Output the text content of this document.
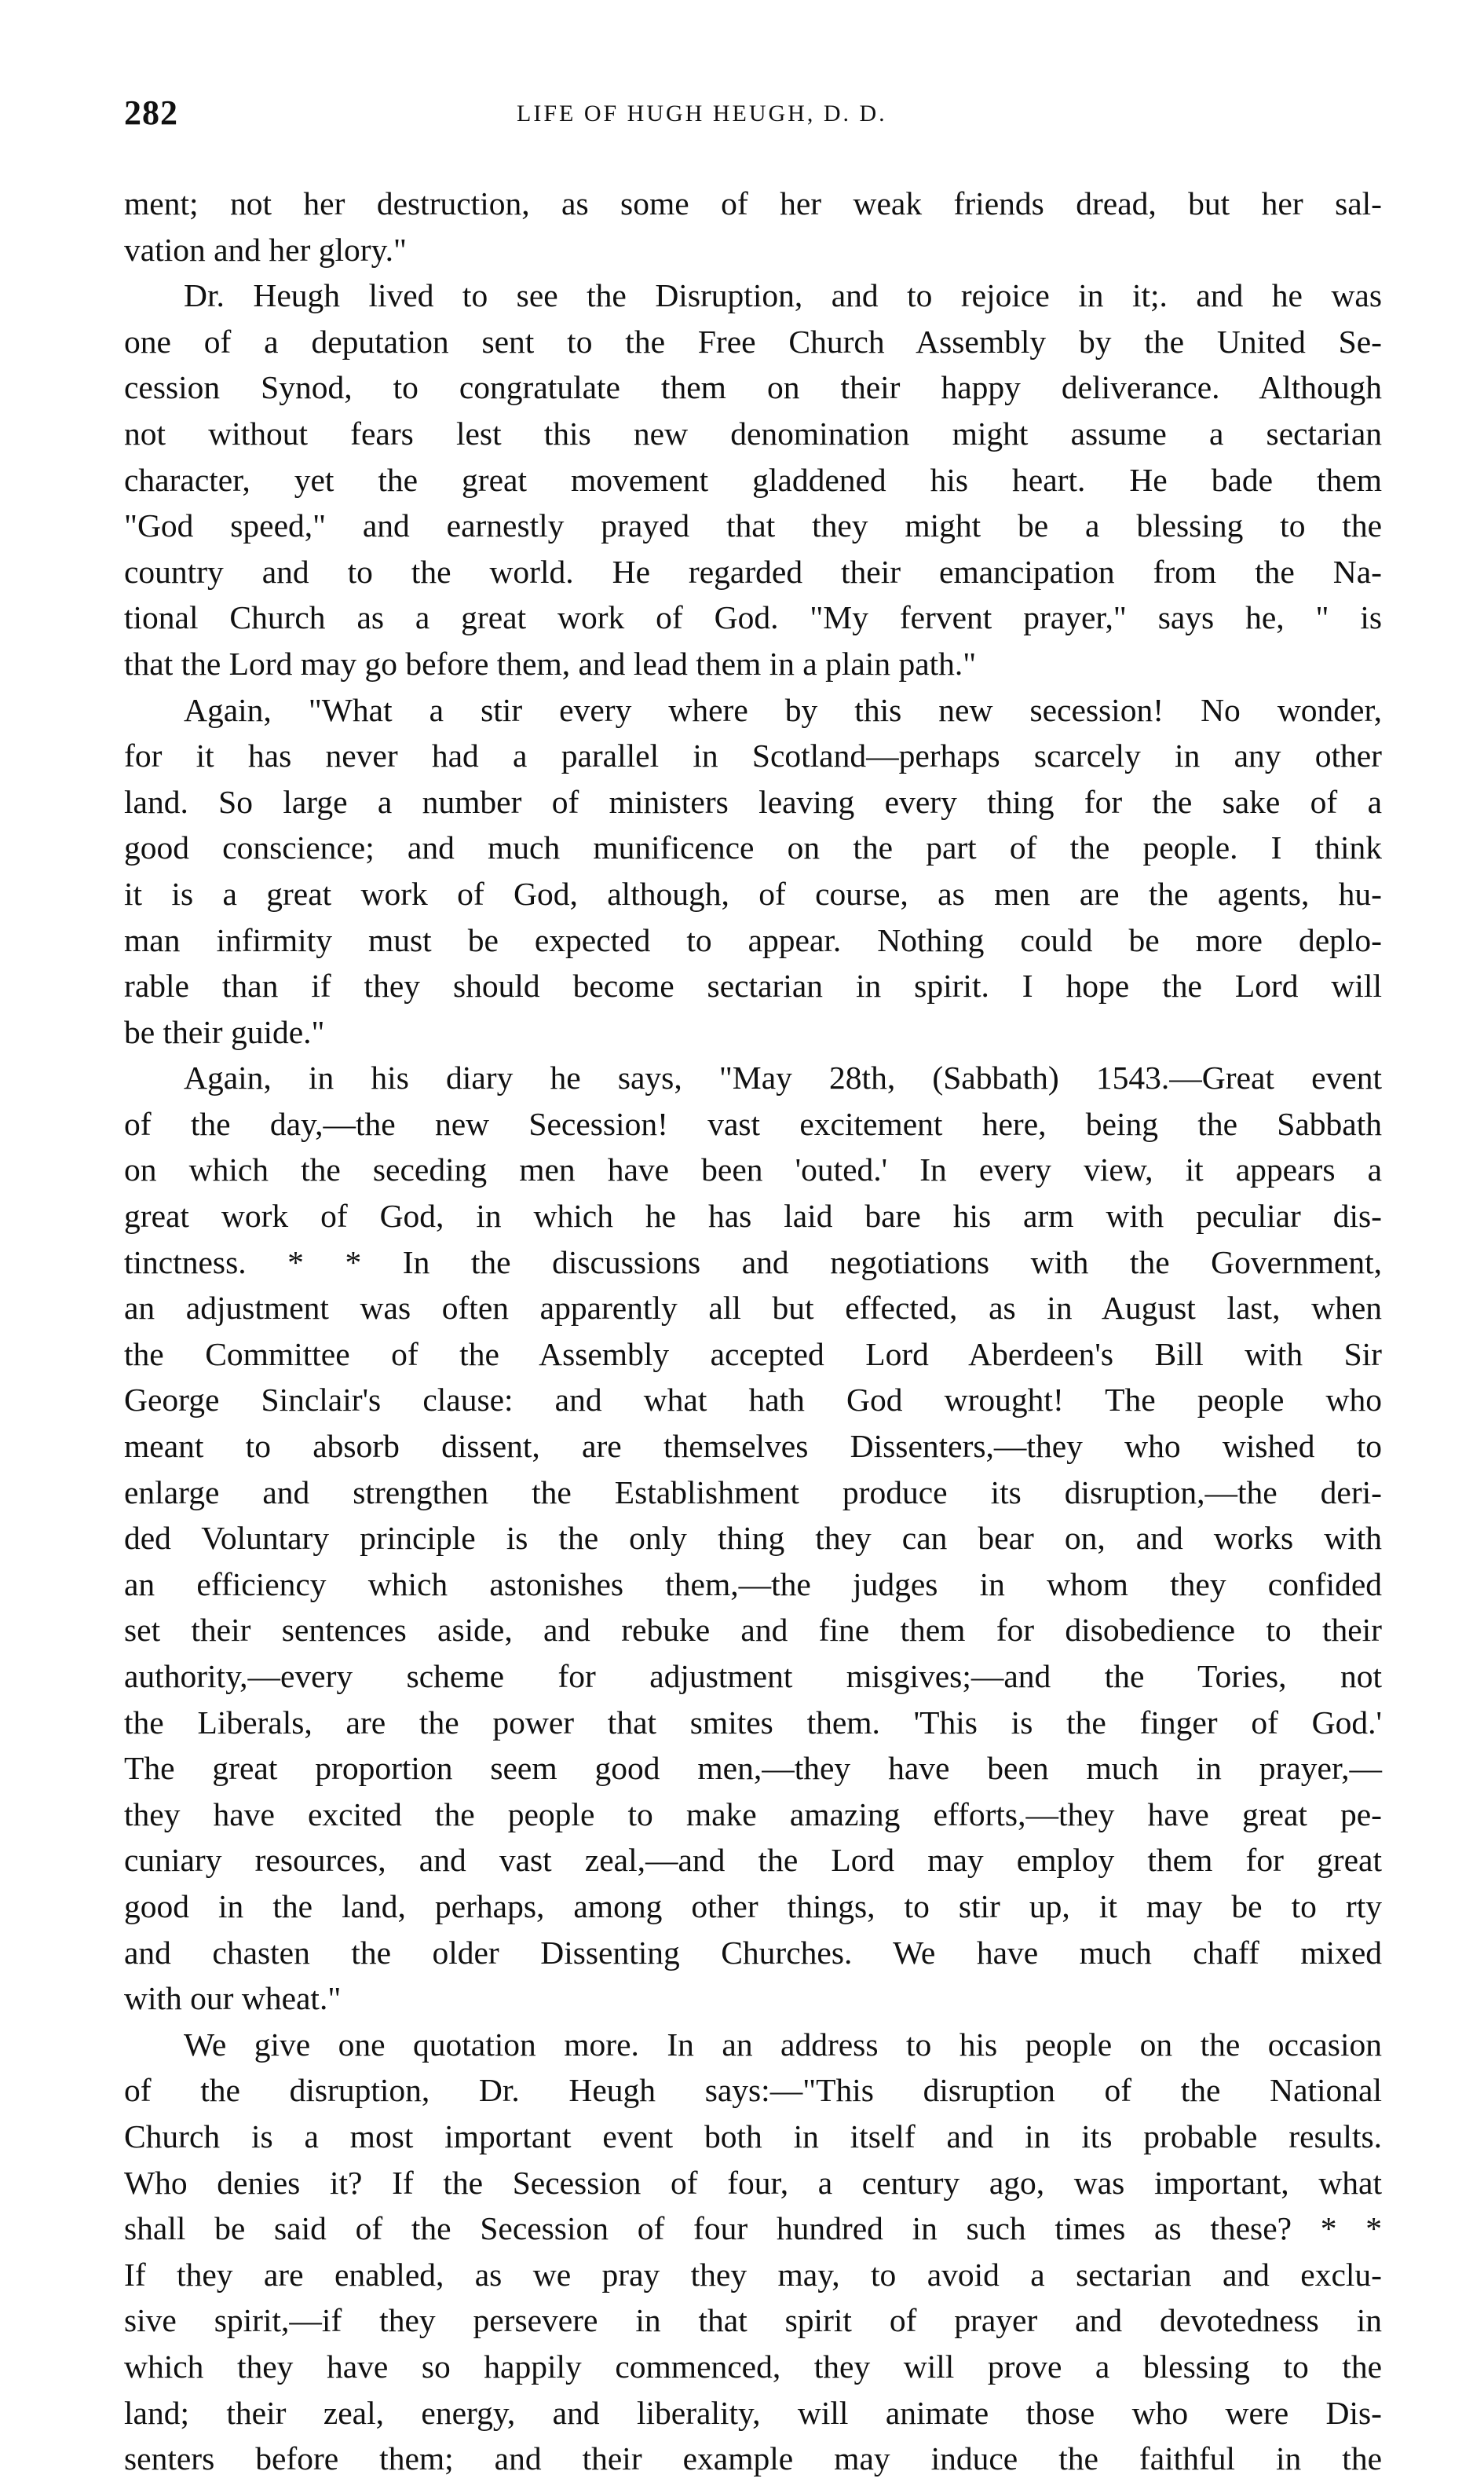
282	LIFE OF HUGH HEUGH, D. D.

ment; not her destruction, as some of her weak friends dread, but her sal-

vation and her glory."

Dr. Heugh lived to see the Disruption, and to rejoice in it;. and he was

one of a deputation sent to the Free Church Assembly by the United Se-

cession Synod, to congratulate them on their happy deliverance. Although

not without fears lest this new denomination might assume a sectarian

character, yet the great movement gladdened his heart. He bade them

"God speed," and earnestly prayed that they might be a blessing to the

country and to the world. He regarded their emancipation from the Na-

tional Church as a great work of God. "My fervent prayer," says he, " is

that the Lord may go before them, and lead them in a plain path."

Again, "What a stir every where by this new secession! No wonder,

for it has never had a parallel in Scotland—perhaps scarcely in any other

land. So large a number of ministers leaving every thing for the sake of a

good conscience; and much munificence on the part of the people. I think

it is a great work of God, although, of course, as men are the agents, hu-

man infirmity must be expected to appear. Nothing could be more deplo-

rable than if they should become sectarian in spirit. I hope the Lord will

be their guide."

Again, in his diary he says, "May 28th, (Sabbath) 1543.—Great event

of the day,—the new Secession! vast excitement here, being the Sabbath

on which the seceding men have been 'outed.' In every view, it appears a

great work of God, in which he has laid bare his arm with peculiar dis-

tinctness. * * In the discussions and negotiations with the Government,

an adjustment was often apparently all but effected, as in August last, when

the Committee of the Assembly accepted Lord Aberdeen's Bill with Sir

George Sinclair's clause: and what hath God wrought! The people who

meant to absorb dissent, are themselves Dissenters,—they who wished to

enlarge and strengthen the Establishment produce its disruption,—the deri-

ded Voluntary principle is the only thing they can bear on, and works with

an efficiency which astonishes them,—the judges in whom they confided

set their sentences aside, and rebuke and fine them for disobedience to their

authority,—every scheme for adjustment misgives;—and the Tories, not

the Liberals, are the power that smites them. 'This is the finger of God.'

The great proportion seem good men,—they have been much in prayer,—

they have excited the people to make amazing efforts,—they have great pe-

cuniary resources, and vast zeal,—and the Lord may employ them for great

good in the land, perhaps, among other things, to stir up, it may be to rty

and chasten the older Dissenting Churches. We have much chaff mixed

with our wheat."

We give one quotation more. In an address to his people on the occasion

of the disruption, Dr. Heugh says:—"This disruption of the National

Church is a most important event both in itself and in its probable results.

Who denies it? If the Secession of four, a century ago, was important, what

shall be said of the Secession of four hundred in such times as these? * *

If they are enabled, as we pray they may, to avoid a sectarian and exclu-

sive spirit,—if they persevere in that spirit of prayer and devotedness in

which they have so happily commenced, they will prove a blessing to the

land; their zeal, energy, and liberality, will animate those who were Dis-

senters before them; and their example may induce the faithful in the
